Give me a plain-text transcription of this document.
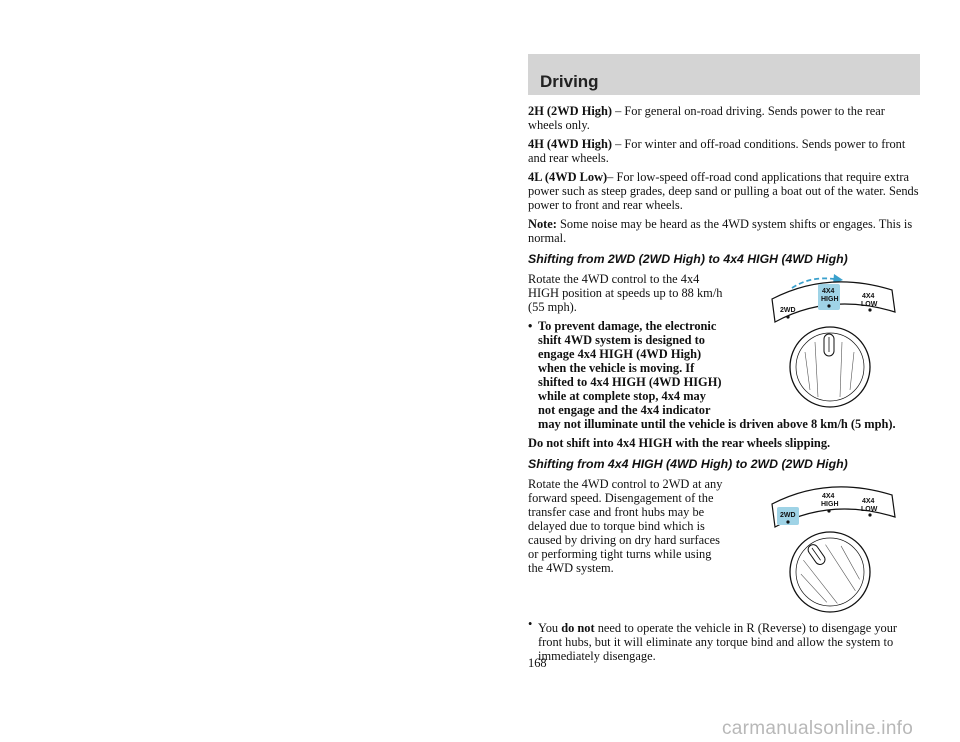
Driving

2H (2WD High) – For general on-road driving. Sends power to the rear wheels only.

4H (4WD High) – For winter and off-road conditions. Sends power to front and rear wheels.

4L (4WD Low)– For low-speed off-road cond applications that require extra power such as steep grades, deep sand or pulling a boat out of the water. Sends power to front and rear wheels.

Note: Some noise may be heard as the 4WD system shifts or engages. This is normal.

Shifting from 2WD (2WD High) to 4x4 HIGH (4WD High)
2WD
4X4
HIGH	4X4
LOW

Rotate the 4WD control to the 4x4 HIGH position at speeds up to 88 km/h (55 mph).

• To prevent damage, the electronic shift 4WD system is designed to engage 4x4 HIGH (4WD High) when the vehicle is moving. If shifted to 4x4 HIGH (4WD HIGH) while at complete stop, 4x4 may not engage and the 4x4 indicator may not illuminate until the vehicle is driven above 8 km/h (5 mph).

Do not shift into 4x4 HIGH with the rear wheels slipping.

Shifting from 4x4 HIGH (4WD High) to 2WD (2WD High)
2WD
4X4
HIGH	4X4
LOW

Rotate the 4WD control to 2WD at any forward speed. Disengagement of the transfer case and front hubs may be delayed due to torque bind which is caused by driving on dry hard surfaces or performing tight turns while using the 4WD system.

• You do not need to operate the vehicle in R (Reverse) to disengage your front hubs, but it will eliminate any torque bind and allow the system to immediately disengage.

168
carmanualsonline.info
